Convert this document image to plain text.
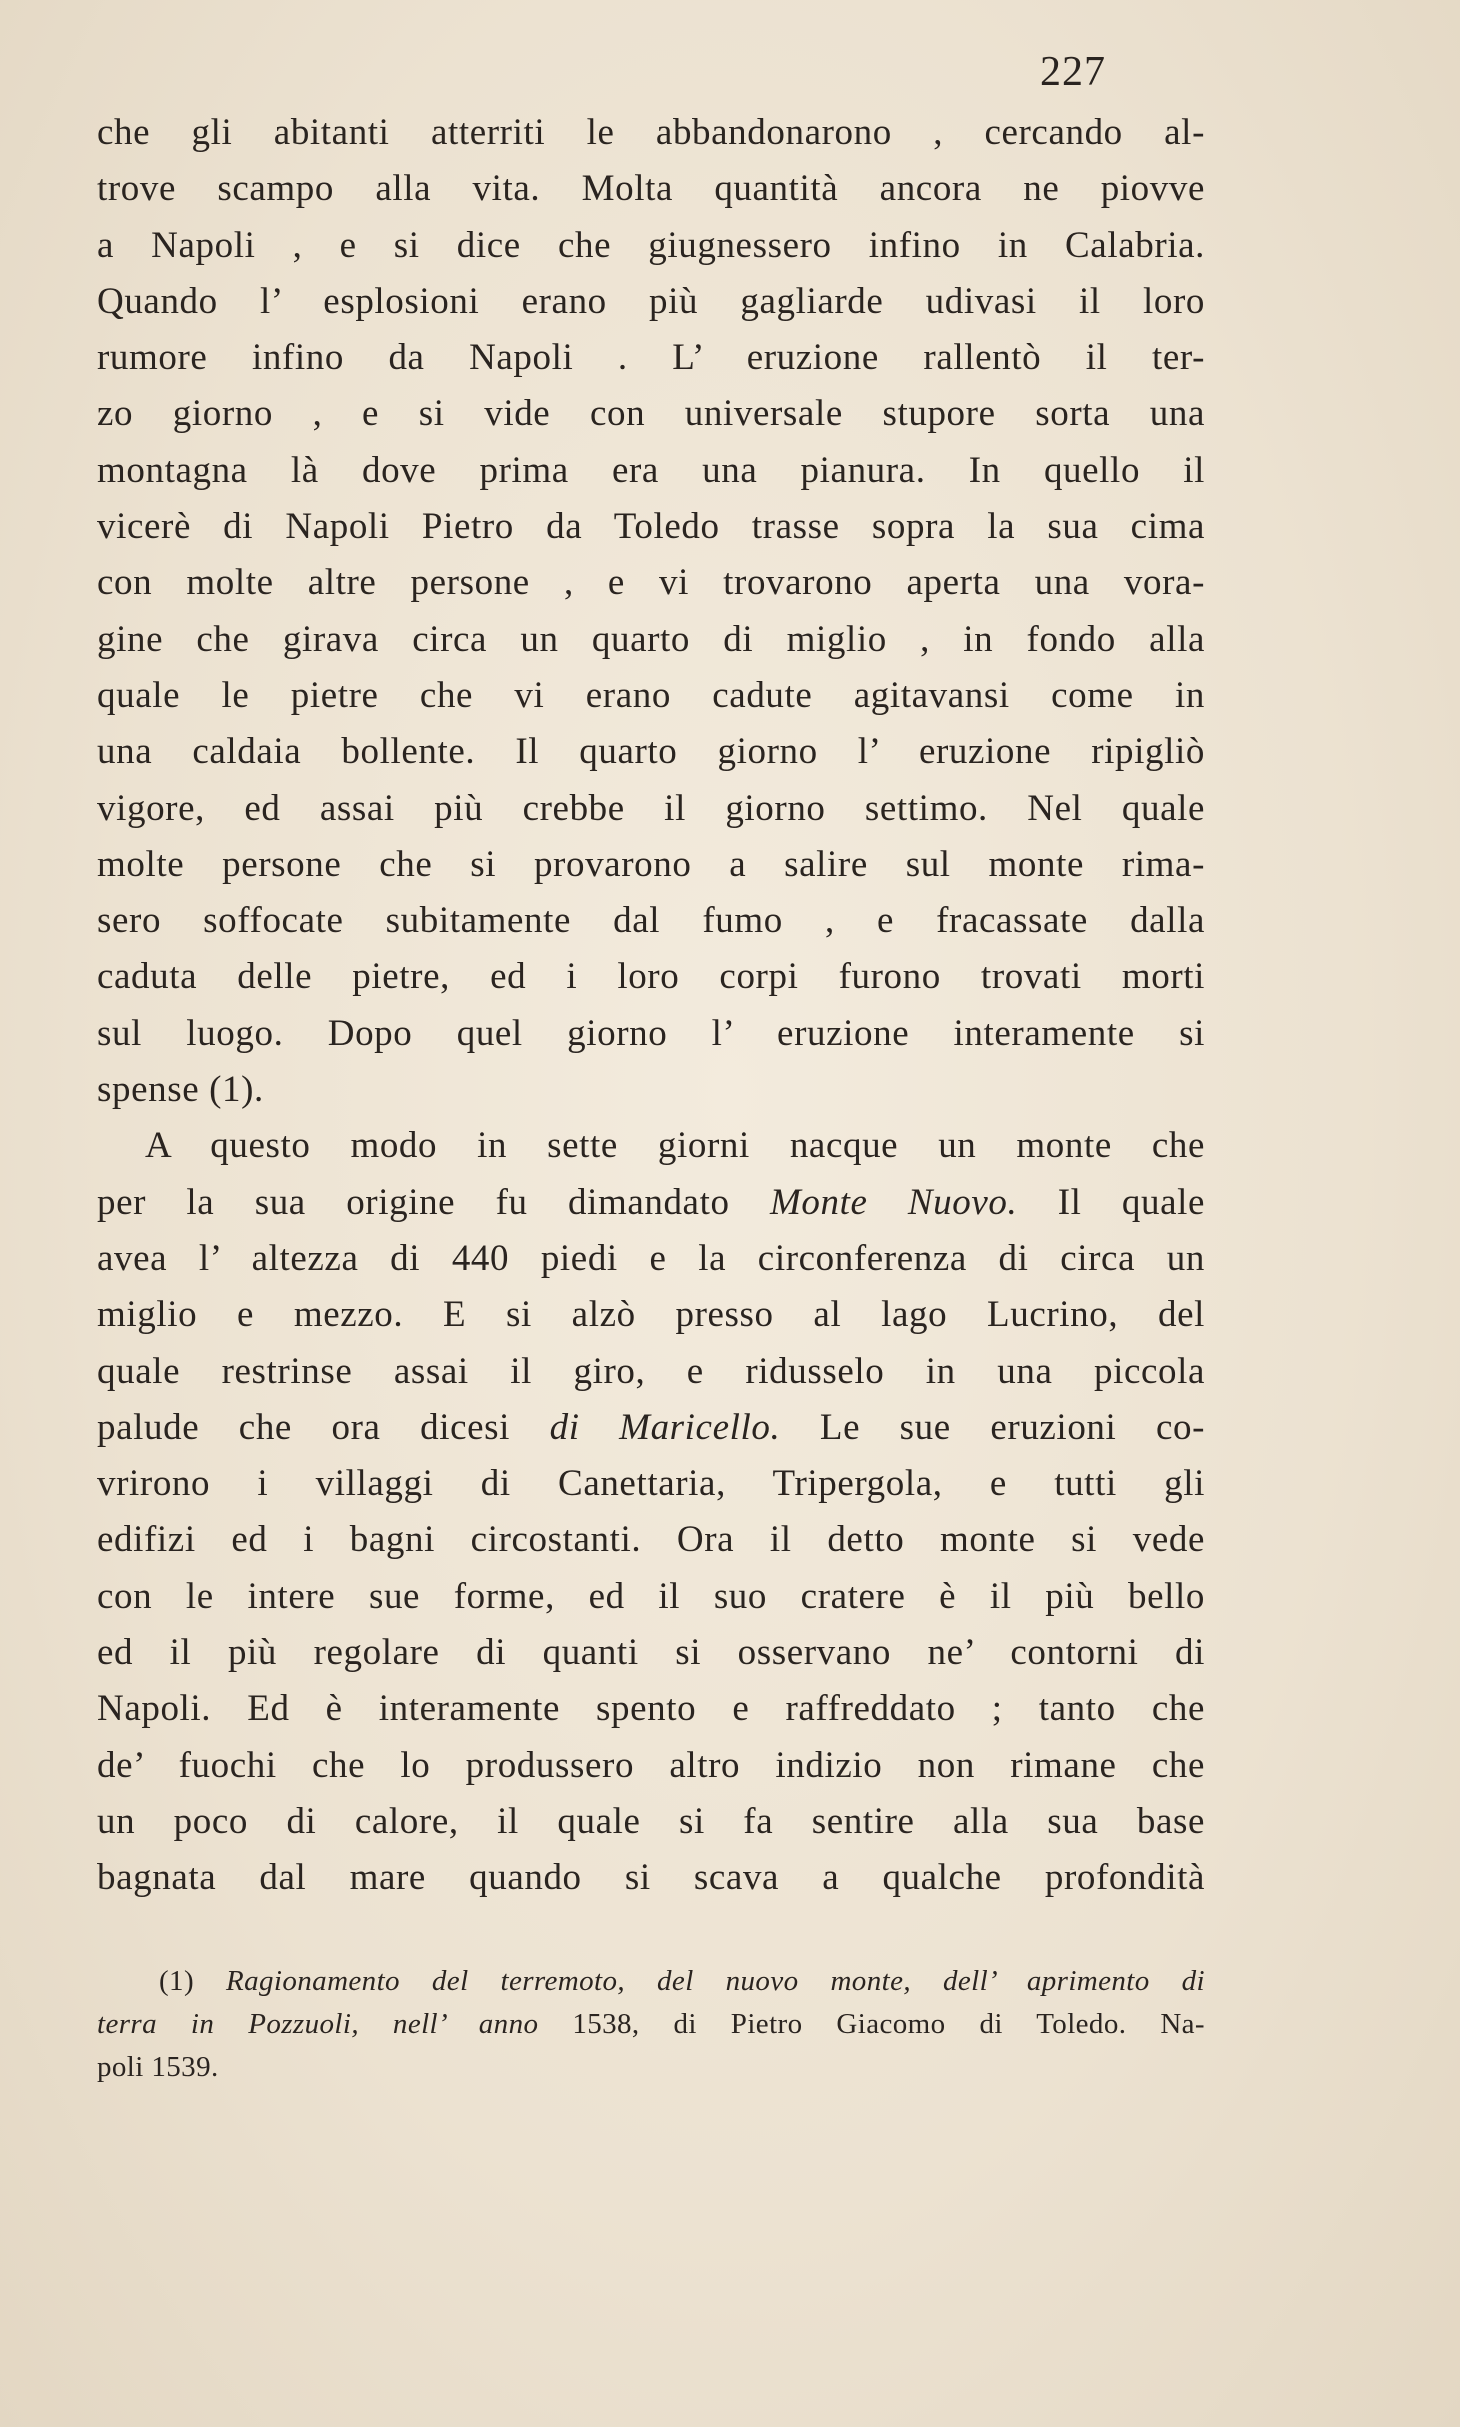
227
che gli abitanti atterriti le abbandonarono , cercando al-
trove scampo alla vita. Molta quantità ancora ne piovve
a Napoli , e si dice che giugnessero infino in Calabria.
Quando l’ esplosioni erano più gagliarde udivasi il loro
rumore infino da Napoli . L’ eruzione rallentò il ter-
zo giorno , e si vide con universale stupore sorta una
montagna là dove prima era una pianura. In quello il
vicerè di Napoli Pietro da Toledo trasse sopra la sua cima
con molte altre persone , e vi trovarono aperta una vora-
gine che girava circa un quarto di miglio , in fondo alla
quale le pietre che vi erano cadute agitavansi come in
una caldaia bollente. Il quarto giorno l’ eruzione ripigliò
vigore, ed assai più crebbe il giorno settimo. Nel quale
molte persone che si provarono a salire sul monte rima-
sero soffocate subitamente dal fumo , e fracassate dalla
caduta delle pietre, ed i loro corpi furono trovati morti
sul luogo. Dopo quel giorno l’ eruzione interamente si
spense (1).
A questo modo in sette giorni nacque un monte che
per la sua origine fu dimandato Monte Nuovo. Il quale
avea l’ altezza di 440 piedi e la circonferenza di circa un
miglio e mezzo. E si alzò presso al lago Lucrino, del
quale restrinse assai il giro, e ridusselo in una piccola
palude che ora dicesi di Maricello. Le sue eruzioni co-
vrirono i villaggi di Canettaria, Tripergola, e tutti gli
edifizi ed i bagni circostanti. Ora il detto monte si vede
con le intere sue forme, ed il suo cratere è il più bello
ed il più regolare di quanti si osservano ne’ contorni di
Napoli. Ed è interamente spento e raffreddato ; tanto che
de’ fuochi che lo produssero altro indizio non rimane che
un poco di calore, il quale si fa sentire alla sua base
bagnata dal mare quando si scava a qualche profondità
(1) Ragionamento del terremoto, del nuovo monte, dell’ aprimento di
terra in Pozzuoli, nell’ anno 1538, di Pietro Giacomo di Toledo. Na-
poli 1539.
